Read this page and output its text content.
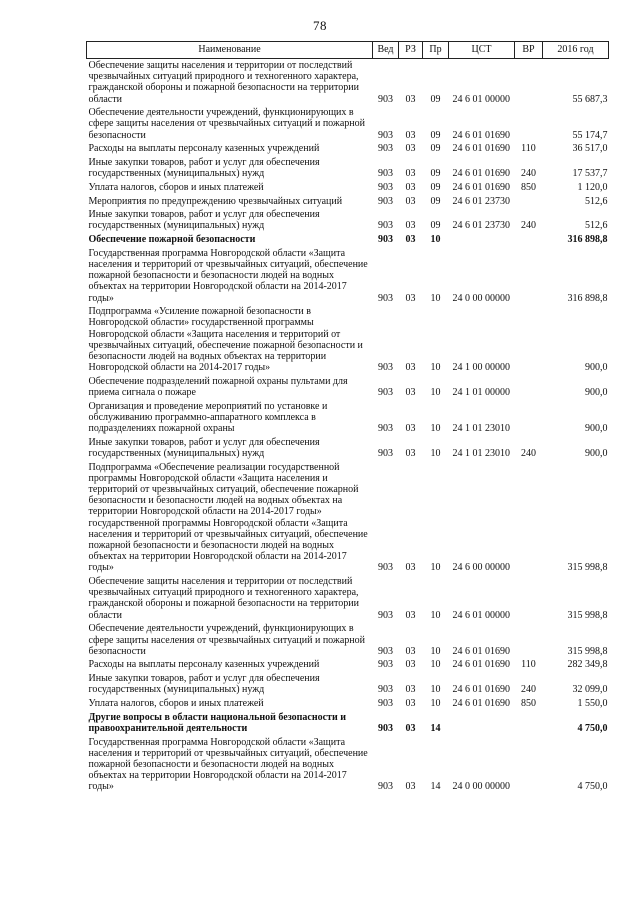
78
Наименование	Вед	РЗ	Пр	ЦСТ	ВР	2016 год
Обеспечение защиты населения и территории от последствий чрезвычайных ситуаций природного и техногенного характера, гражданской обороны и пожарной безопасности на территории области	903	03	09	24 6 01 00000		55 687,3
Обеспечение деятельности учреждений, функционирующих в сфере защиты населения от чрезвычайных ситуаций и пожарной безопасности	903	03	09	24 6 01 01690		55 174,7
Расходы на выплаты персоналу казенных учреждений	903	03	09	24 6 01 01690	110	36 517,0
Иные закупки товаров, работ и услуг для обеспечения государственных (муниципальных) нужд	903	03	09	24 6 01 01690	240	17 537,7
Уплата налогов, сборов и иных платежей	903	03	09	24 6 01 01690	850	1 120,0
Мероприятия по предупреждению чрезвычайных ситуаций	903	03	09	24 6 01 23730		512,6
Иные закупки товаров, работ и услуг для обеспечения государственных (муниципальных) нужд	903	03	09	24 6 01 23730	240	512,6
Обеспечение пожарной безопасности	903	03	10			316 898,8
Государственная программа Новгородской области «Защита населения и территорий от чрезвычайных ситуаций, обеспечение пожарной безопасности и безопасности людей на водных объектах на территории Новгородской области на 2014-2017 годы»	903	03	10	24 0 00 00000		316 898,8
Подпрограмма «Усиление пожарной безопасности в Новгородской области» государственной программы Новгородской области «Защита населения и территорий от чрезвычайных ситуаций, обеспечение пожарной безопасности и безопасности людей на водных объектах на территории Новгородской области на 2014-2017 годы»	903	03	10	24 1 00 00000		900,0
Обеспечение подразделений пожарной охраны пультами для приема сигнала о пожаре	903	03	10	24 1 01 00000		900,0
Организация и проведение мероприятий по установке и обслуживанию программно-аппаратного комплекса в подразделениях пожарной охраны	903	03	10	24 1 01 23010		900,0
Иные закупки товаров, работ и услуг для обеспечения государственных (муниципальных) нужд	903	03	10	24 1 01 23010	240	900,0
Подпрограмма «Обеспечение реализации государственной программы Новгородской области «Защита населения и территорий от чрезвычайных ситуаций, обеспечение пожарной безопасности и безопасности людей на водных объектах на территории Новгородской области на 2014-2017 годы» государственной программы Новгородской области «Защита населения и территорий от чрезвычайных ситуаций, обеспечение пожарной безопасности и безопасности людей на водных объектах на территории Новгородской области на 2014-2017 годы»	903	03	10	24 6 00 00000		315 998,8
Обеспечение защиты населения и территории от последствий чрезвычайных ситуаций природного и техногенного характера, гражданской обороны и пожарной безопасности на территории области	903	03	10	24 6 01 00000		315 998,8
Обеспечение деятельности учреждений, функционирующих в сфере защиты населения от чрезвычайных ситуаций и пожарной безопасности	903	03	10	24 6 01 01690		315 998,8
Расходы на выплаты персоналу казенных учреждений	903	03	10	24 6 01 01690	110	282 349,8
Иные закупки товаров, работ и услуг для обеспечения государственных (муниципальных) нужд	903	03	10	24 6 01 01690	240	32 099,0
Уплата налогов, сборов и иных платежей	903	03	10	24 6 01 01690	850	1 550,0
Другие вопросы в области национальной безопасности и правоохранительной деятельности	903	03	14			4 750,0
Государственная программа Новгородской области «Защита населения и территорий от чрезвычайных ситуаций, обеспечение пожарной безопасности и безопасности людей на водных объектах на территории Новгородской области на 2014-2017 годы»	903	03	14	24 0 00 00000		4 750,0
